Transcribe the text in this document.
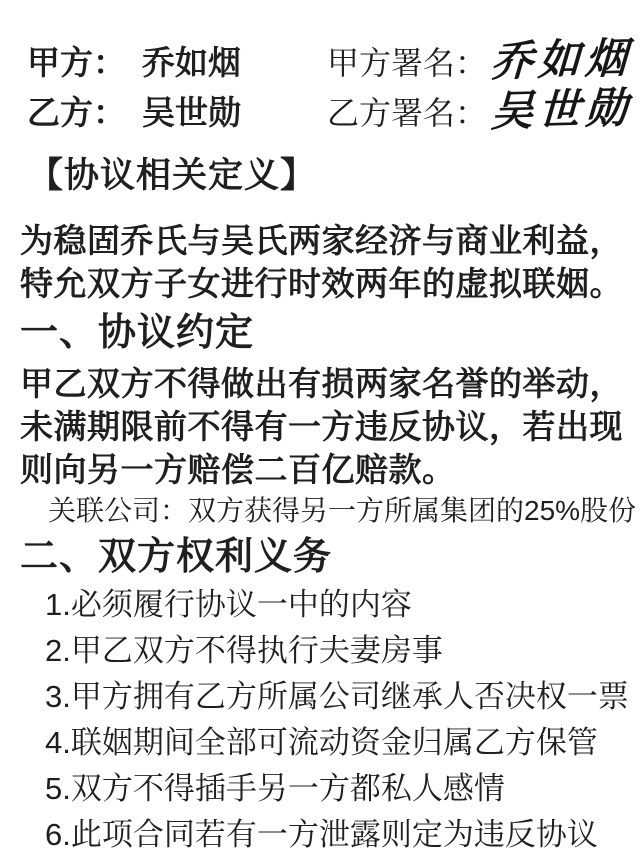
甲方： 乔如烟	甲方署名：乔如烟
乙方： 吴世勋	乙方署名：吴世勋
【协议相关定义】
为稳固乔氏与吴氏两家经济与商业利益，
特允双方子女进行时效两年的虚拟联姻。
一、协议约定
甲乙双方不得做出有损两家名誉的举动，
未满期限前不得有一方违反协议，若出现
则向另一方赔偿二百亿赔款。
关联公司：双方获得另一方所属集团的25%股份
二、双方权利义务
1.必须履行协议一中的内容
2.甲乙双方不得执行夫妻房事
3.甲方拥有乙方所属公司继承人否决权一票
4.联姻期间全部可流动资金归属乙方保管
5.双方不得插手另一方都私人感情
6.此项合同若有一方泄露则定为违反协议
